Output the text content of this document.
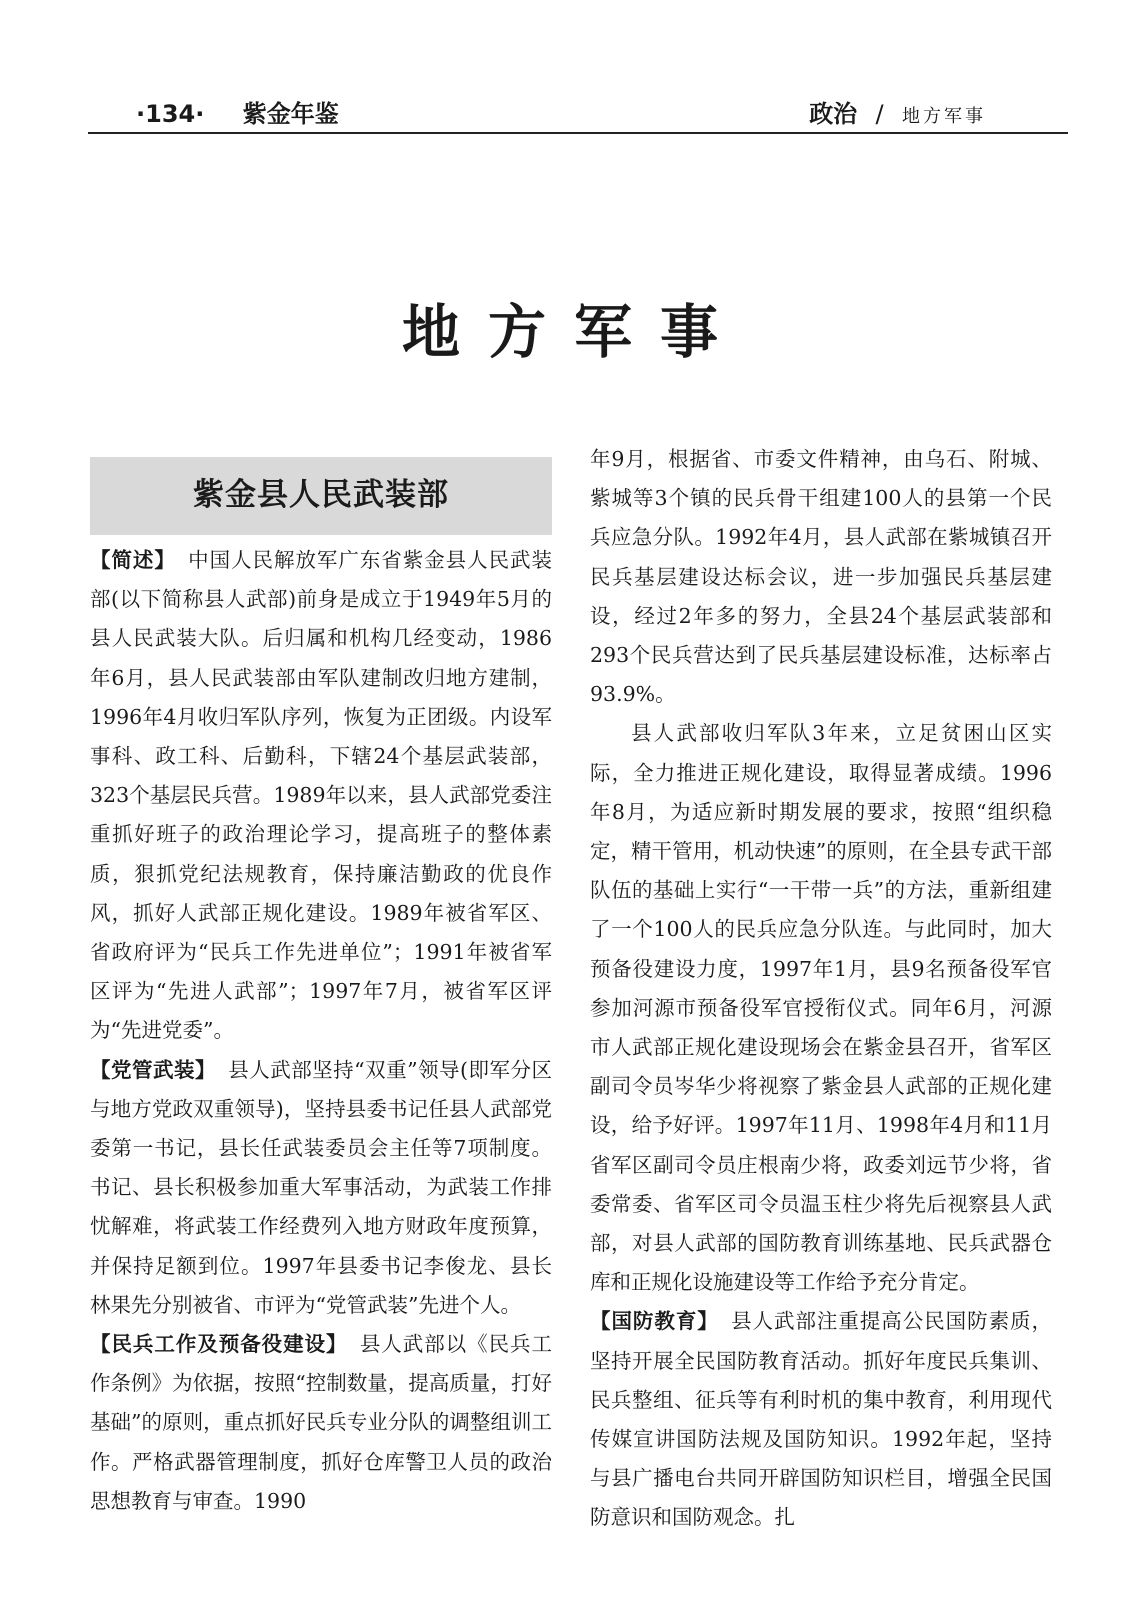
·134· 紫金年鉴	政治 / 地方军事
地方军事
紫金县人民武装部

【简述】 中国人民解放军广东省紫金县人民武装部(以下简称县人武部)前身是成立于1949年5月的县人民武装大队。后归属和机构几经变动，1986年6月，县人民武装部由军队建制改归地方建制，1996年4月收归军队序列，恢复为正团级。内设军事科、政工科、后勤科，下辖24个基层武装部，323个基层民兵营。1989年以来，县人武部党委注重抓好班子的政治理论学习，提高班子的整体素质，狠抓党纪法规教育，保持廉洁勤政的优良作风，抓好人武部正规化建设。1989年被省军区、省政府评为“民兵工作先进单位”；1991年被省军区评为“先进人武部”；1997年7月，被省军区评为“先进党委”。

【党管武装】 县人武部坚持“双重”领导(即军分区与地方党政双重领导)，坚持县委书记任县人武部党委第一书记，县长任武装委员会主任等7项制度。书记、县长积极参加重大军事活动，为武装工作排忧解难，将武装工作经费列入地方财政年度预算，并保持足额到位。1997年县委书记李俊龙、县长林果先分别被省、市评为“党管武装”先进个人。

【民兵工作及预备役建设】 县人武部以《民兵工作条例》为依据，按照“控制数量，提高质量，打好基础”的原则，重点抓好民兵专业分队的调整组训工作。严格武器管理制度，抓好仓库警卫人员的政治思想教育与审查。1990

年9月，根据省、市委文件精神，由乌石、附城、紫城等3个镇的民兵骨干组建100人的县第一个民兵应急分队。1992年4月，县人武部在紫城镇召开民兵基层建设达标会议，进一步加强民兵基层建设，经过2年多的努力，全县24个基层武装部和293个民兵营达到了民兵基层建设标准，达标率占93.9%。

县人武部收归军队3年来，立足贫困山区实际，全力推进正规化建设，取得显著成绩。1996年8月，为适应新时期发展的要求，按照“组织稳定，精干管用，机动快速”的原则，在全县专武干部队伍的基础上实行“一干带一兵”的方法，重新组建了一个100人的民兵应急分队连。与此同时，加大预备役建设力度，1997年1月，县9名预备役军官参加河源市预备役军官授衔仪式。同年6月，河源市人武部正规化建设现场会在紫金县召开，省军区副司令员岑华少将视察了紫金县人武部的正规化建设，给予好评。1997年11月、1998年4月和11月省军区副司令员庄根南少将，政委刘远节少将，省委常委、省军区司令员温玉柱少将先后视察县人武部，对县人武部的国防教育训练基地、民兵武器仓库和正规化设施建设等工作给予充分肯定。

【国防教育】 县人武部注重提高公民国防素质，坚持开展全民国防教育活动。抓好年度民兵集训、民兵整组、征兵等有利时机的集中教育，利用现代传媒宣讲国防法规及国防知识。1992年起，坚持与县广播电台共同开辟国防知识栏目，增强全民国防意识和国防观念。扎
